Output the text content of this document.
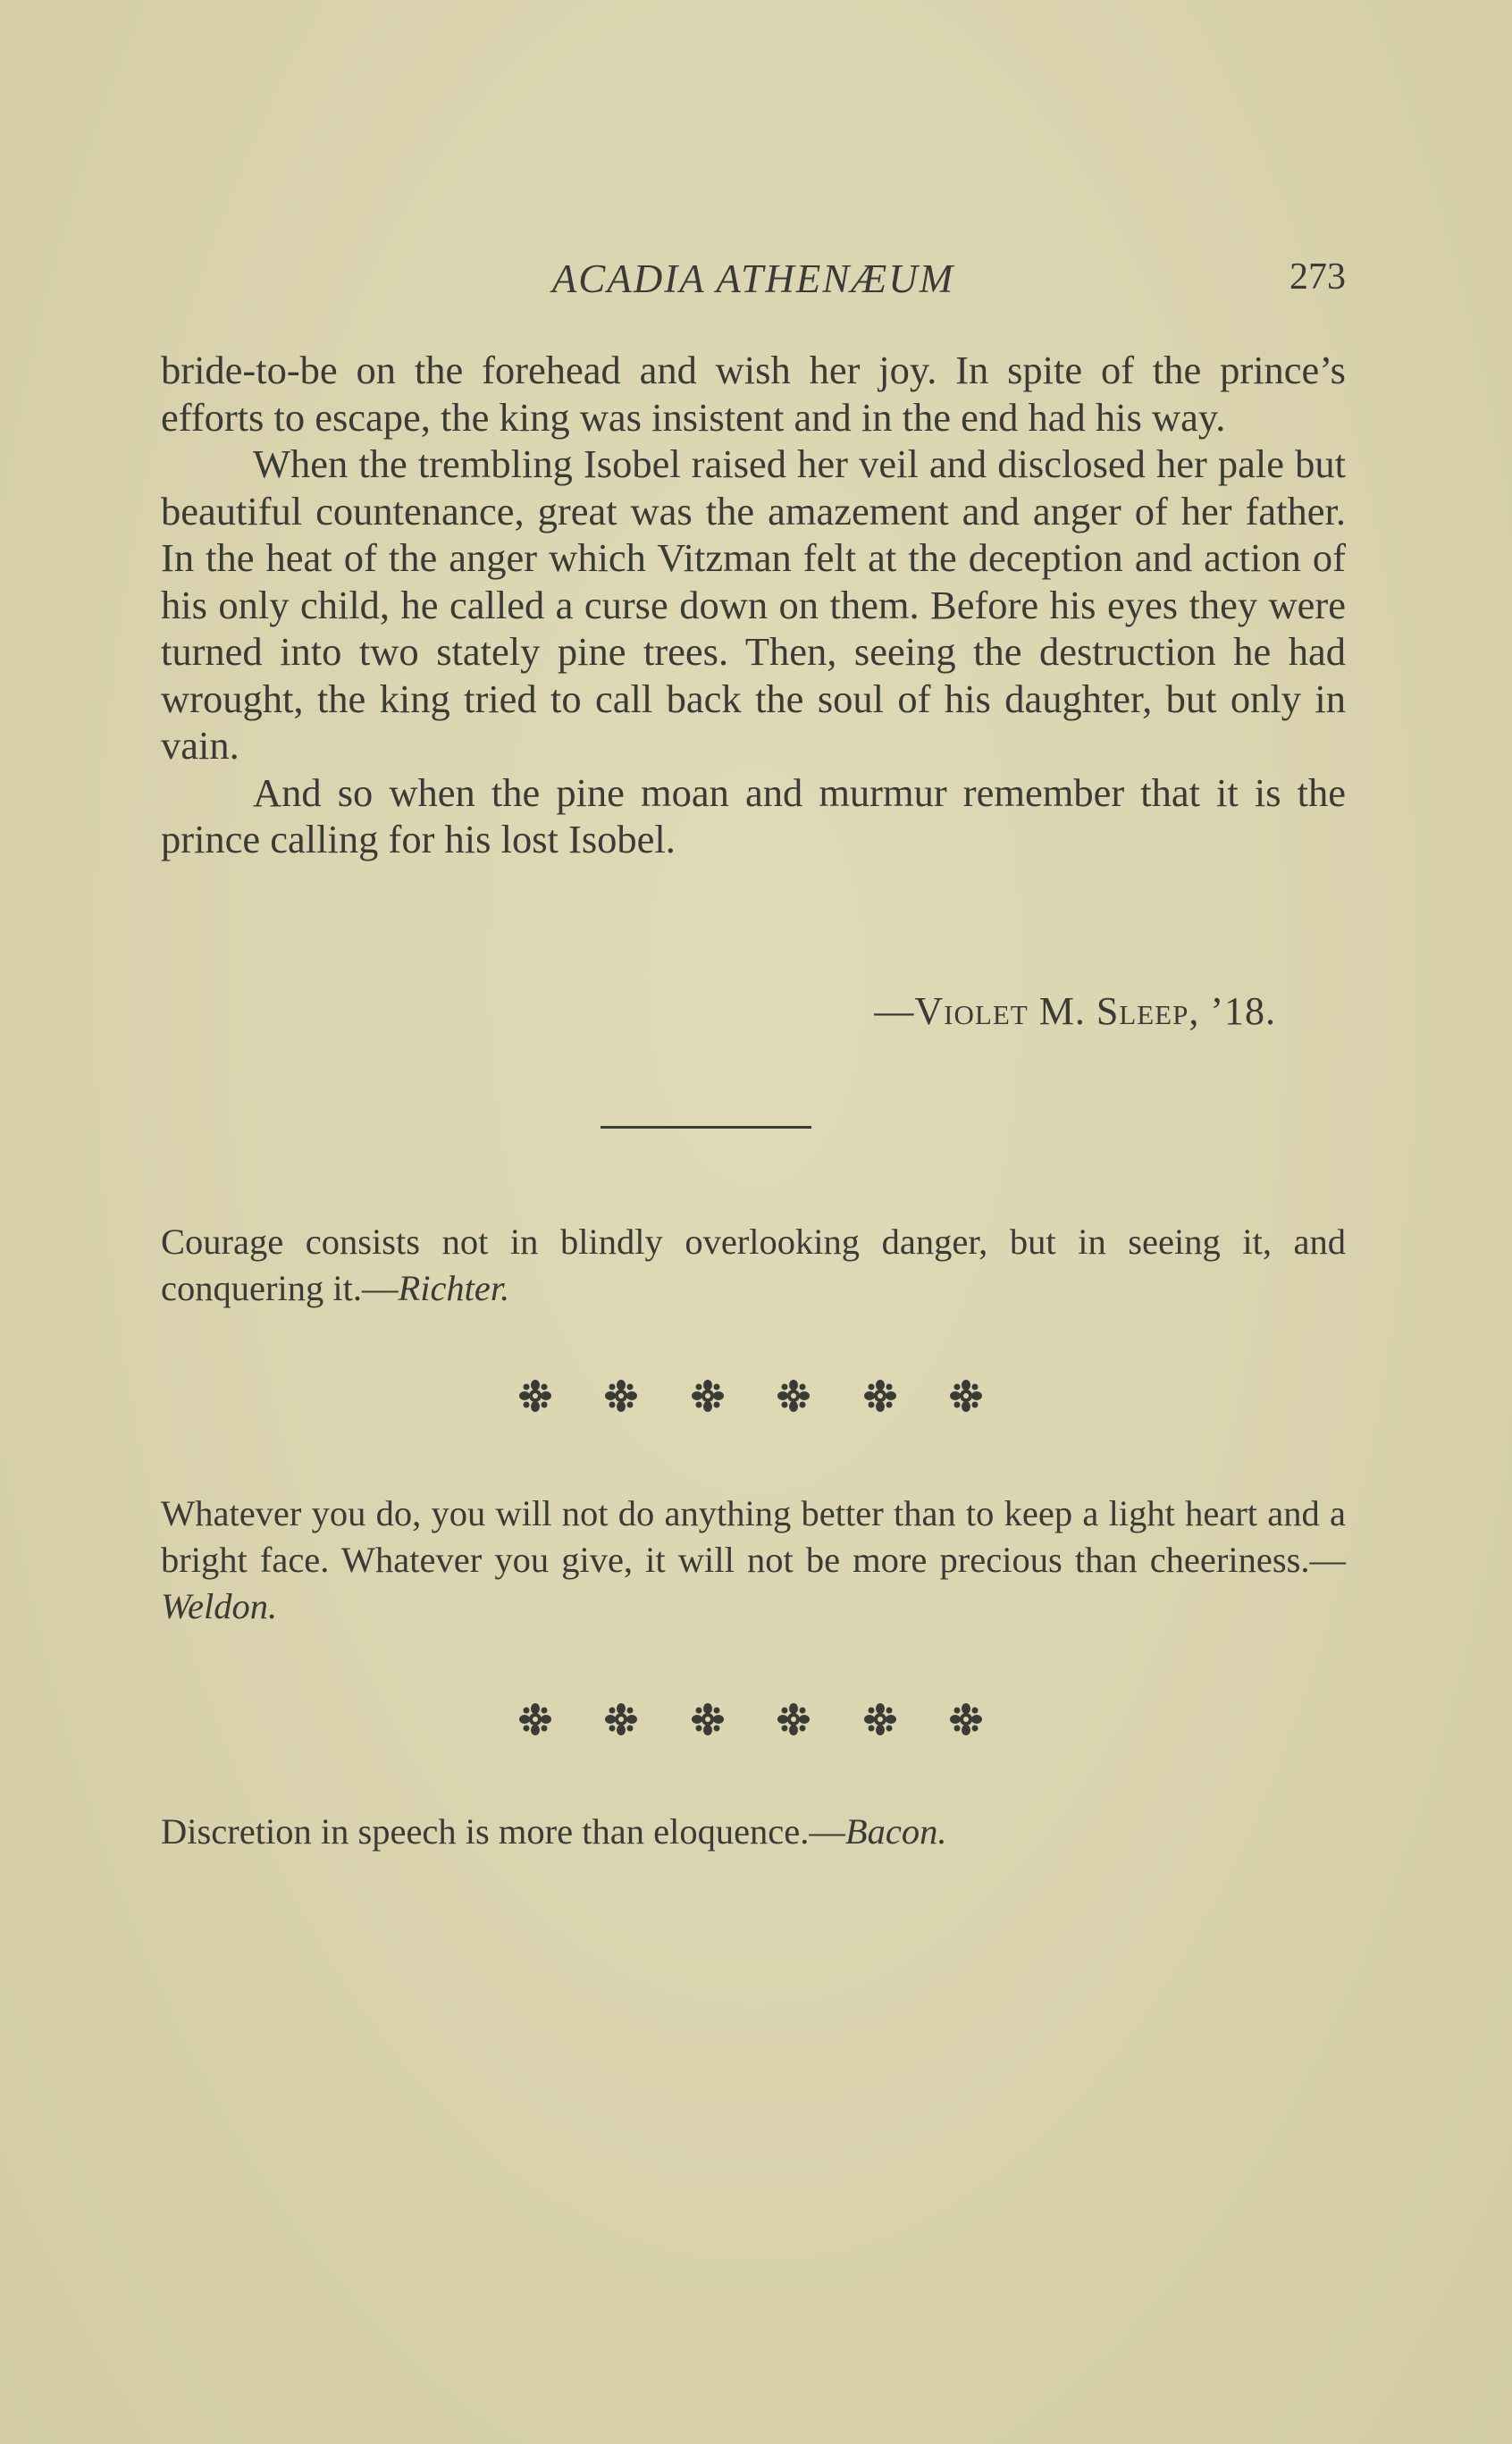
ACADIA ATHENÆUM	273

bride-to-be on the forehead and wish her joy. In spite of the prince’s efforts to escape, the king was insistent and in the end had his way.

When the trembling Isobel raised her veil and disclosed her pale but beautiful countenance, great was the amazement and anger of her father. In the heat of the anger which Vitzman felt at the deception and action of his only child, he called a curse down on them. Before his eyes they were turned into two stately pine trees. Then, seeing the destruction he had wrought, the king tried to call back the soul of his daughter, but only in vain.

And so when the pine moan and murmur remember that it is the prince calling for his lost Isobel.

—Violet M. Sleep, ’18.
Courage consists not in blindly overlooking danger, but in seeing it, and conquering it.—Richter.
Whatever you do, you will not do anything better than to keep a light heart and a bright face. Whatever you give, it will not be more precious than cheeriness.—Weldon.
Discretion in speech is more than eloquence.—Bacon.
